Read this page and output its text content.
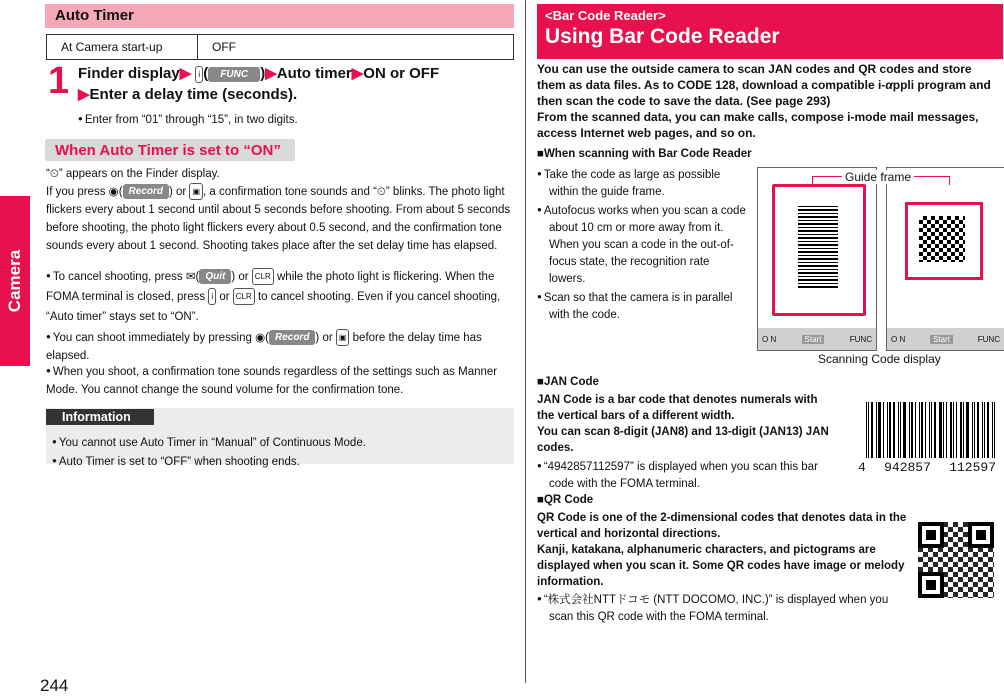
Camera
244
Auto Timer
At Camera start-up	OFF
1 Finder display▶ i ( FUNC )▶Auto timer▶ON or OFF
▶Enter a delay time (seconds).
● Enter from “01” through “15”, in two digits.
When Auto Timer is set to “ON”
“⏲” appears on the Finder display.
If you press ◉( Record ) or ▣ , a confirmation tone sounds and “⏲” blinks. The photo light flickers every about 1 second until about 5 seconds before shooting. From about 5 seconds before shooting, the photo light flickers every about 0.5 second, and the confirmation tone sounds every about 1 second. Shooting takes place after the set delay time has elapsed.
● To cancel shooting, press ✉( Quit ) or CLR while the photo light is flickering. When the FOMA terminal is closed, press i or CLR to cancel shooting. Even if you cancel shooting, “Auto timer” stays set to “ON”.
● You can shoot immediately by pressing ◉( Record ) or ▣ before the delay time has elapsed.
● When you shoot, a confirmation tone sounds regardless of the settings such as Manner Mode. You cannot change the sound volume for the confirmation tone.
Information
● You cannot use Auto Timer in “Manual” of Continuous Mode.
● Auto Timer is set to “OFF” when shooting ends.
<Bar Code Reader>
Using Bar Code Reader
You can use the outside camera to scan JAN codes and QR codes and store them as data files. As to CODE 128, download a compatible i-αppli program and then scan the code to save the data. (See page 293)
From the scanned data, you can make calls, compose i-mode mail messages, access Internet web pages, and so on.
■When scanning with Bar Code Reader
● Take the code as large as possible within the guide frame.
● Autofocus works when you scan a code about 10 cm or more away from it. When you scan a code in the out-of-focus state, the recognition rate lowers.
● Scan so that the camera is in parallel with the code.
O N	Start	FUNC O N	Start	FUNC
Guide frame
Scanning Code display
■JAN Code
JAN Code is a bar code that denotes numerals with the vertical bars of a different width.
You can scan 8-digit (JAN8) and 13-digit (JAN13) JAN codes.
● “4942857112597” is displayed when you scan this bar code with the FOMA terminal.
4 942857 112597
■QR Code
QR Code is one of the 2-dimensional codes that denotes data in the vertical and horizontal directions.
Kanji, katakana, alphanumeric characters, and pictograms are displayed when you scan it. Some QR codes have image or melody information.
● “株式会社NTTドコモ (NTT DOCOMO, INC.)” is displayed when you scan this QR code with the FOMA terminal.
